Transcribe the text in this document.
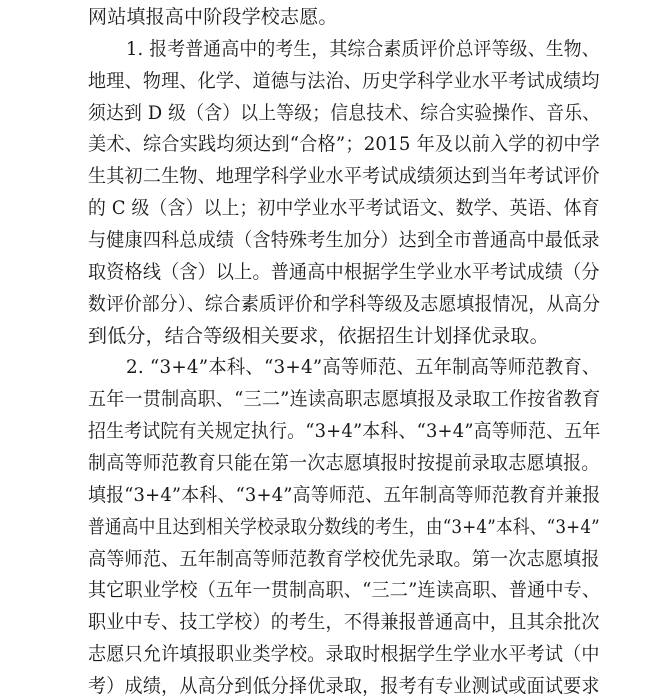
网站填报高中阶段学校志愿。
1. 报考普通高中的考生，其综合素质评价总评等级、生物、
地理、物理、化学、道德与法治、历史学科学业水平考试成绩均
须达到 D 级（含）以上等级；信息技术、综合实验操作、音乐、
美术、综合实践均须达到“合格”；2015 年及以前入学的初中学
生其初二生物、地理学科学业水平考试成绩须达到当年考试评价
的 C 级（含）以上；初中学业水平考试语文、数学、英语、体育
与健康四科总成绩（含特殊考生加分）达到全市普通高中最低录
取资格线（含）以上。普通高中根据学生学业水平考试成绩（分
数评价部分）、综合素质评价和学科等级及志愿填报情况，从高分
到低分，结合等级相关要求，依据招生计划择优录取。
2. “3+4”本科、“3+4”高等师范、五年制高等师范教育、
五年一贯制高职、“三二”连读高职志愿填报及录取工作按省教育
招生考试院有关规定执行。“3+4”本科、“3+4”高等师范、五年
制高等师范教育只能在第一次志愿填报时按提前录取志愿填报。
填报“3+4”本科、“3+4”高等师范、五年制高等师范教育并兼报
普通高中且达到相关学校录取分数线的考生，由“3+4”本科、“3+4”
高等师范、五年制高等师范教育学校优先录取。第一次志愿填报
其它职业学校（五年一贯制高职、“三二”连读高职、普通中专、
职业中专、技工学校）的考生，不得兼报普通高中，且其余批次
志愿只允许填报职业类学校。录取时根据学生学业水平考试（中
考）成绩，从高分到低分择优录取，报考有专业测试或面试要求
